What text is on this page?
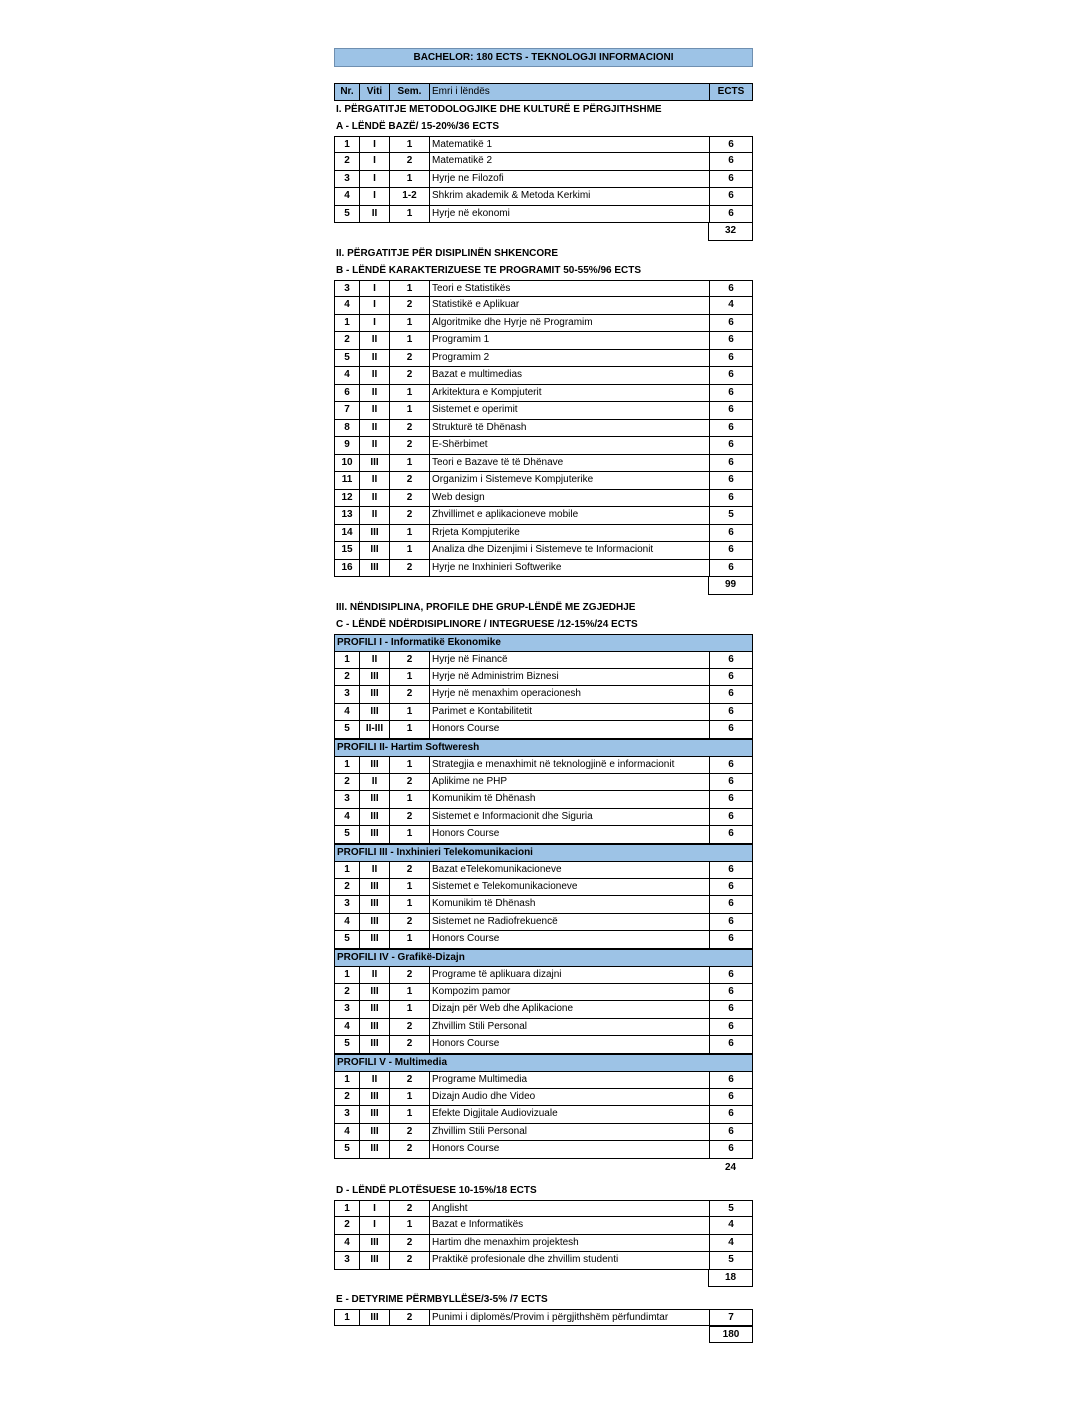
BACHELOR: 180 ECTS - TEKNOLOGJI INFORMACIONI
Nr.	Viti	Sem.	Emri i lëndës	ECTS
I. PËRGATITJE METODOLOGJIKE DHE KULTURË E PËRGJITHSHME
A - LËNDË BAZË/ 15-20%/36 ECTS
1	I	1	Matematikë 1	6
2	I	2	Matematikë 2	6
3	I	1	Hyrje ne Filozofi	6
4	I	1-2	Shkrim akademik & Metoda Kerkimi	6
5	II	1	Hyrje në ekonomi	6
32
II. PËRGATITJE PËR DISIPLINËN SHKENCORE
B - LËNDË KARAKTERIZUESE TE PROGRAMIT 50-55%/96 ECTS
3	I	1	Teori e Statistikës	6
4	I	2	Statistikë e Aplikuar	4
1	I	1	Algoritmike dhe Hyrje në Programim	6
2	II	1	Programim 1	6
5	II	2	Programim 2	6
4	II	2	Bazat e multimedias	6
6	II	1	Arkitektura e Kompjuterit	6
7	II	1	Sistemet e operimit	6
8	II	2	Strukturë të Dhënash	6
9	II	2	E-Shërbimet	6
10	III	1	Teori e Bazave të të Dhënave	6
11	II	2	Organizim i Sistemeve Kompjuterike	6
12	II	2	Web design	6
13	II	2	Zhvillimet e aplikacioneve mobile	5
14	III	1	Rrjeta Kompjuterike	6
15	III	1	Analiza dhe Dizenjimi i Sistemeve te Informacionit	6
16	III	2	Hyrje ne Inxhinieri Softwerike	6
99
III. NËNDISIPLINA, PROFILE DHE GRUP-LËNDË ME ZGJEDHJE
C - LËNDË NDËRDISIPLINORE / INTEGRUESE /12-15%/24 ECTS
PROFILI I - Informatikë Ekonomike
1	II	2	Hyrje në Financë	6
2	III	1	Hyrje në Administrim Biznesi	6
3	III	2	Hyrje në menaxhim operacionesh	6
4	III	1	Parimet e Kontabilitetit	6
5	II-III	1	Honors Course	6
PROFILI II- Hartim Softweresh
1	III	1	Strategjia e menaxhimit në teknologjinë e informacionit	6
2	II	2	Aplikime ne PHP	6
3	III	1	Komunikim të Dhënash	6
4	III	2	Sistemet e Informacionit dhe Siguria	6
5	III	1	Honors Course	6
PROFILI III - Inxhinieri Telekomunikacioni
1	II	2	Bazat eTelekomunikacioneve	6
2	III	1	Sistemet e Telekomunikacioneve	6
3	III	1	Komunikim të Dhënash	6
4	III	2	Sistemet ne Radiofrekuencë	6
5	III	1	Honors Course	6
PROFILI IV - Grafikë-Dizajn
1	II	2	Programe të aplikuara dizajni	6
2	III	1	Kompozim pamor	6
3	III	1	Dizajn për Web dhe Aplikacione	6
4	III	2	Zhvillim Stili Personal	6
5	III	2	Honors Course	6
PROFILI V - Multimedia
1	II	2	Programe Multimedia	6
2	III	1	Dizajn Audio dhe Video	6
3	III	1	Efekte Digjitale Audiovizuale	6
4	III	2	Zhvillim Stili Personal	6
5	III	2	Honors Course	6
24
D - LËNDË PLOTËSUESE 10-15%/18 ECTS
1	I	2	Anglisht	5
2	I	1	Bazat e Informatikës	4
4	III	2	Hartim dhe menaxhim projektesh	4
3	III	2	Praktikë profesionale dhe zhvillim studenti	5
18
E - DETYRIME PËRMBYLLËSE/3-5% /7 ECTS
1	III	2	Punimi i diplomës/Provim i përgjithshëm përfundimtar	7
180
